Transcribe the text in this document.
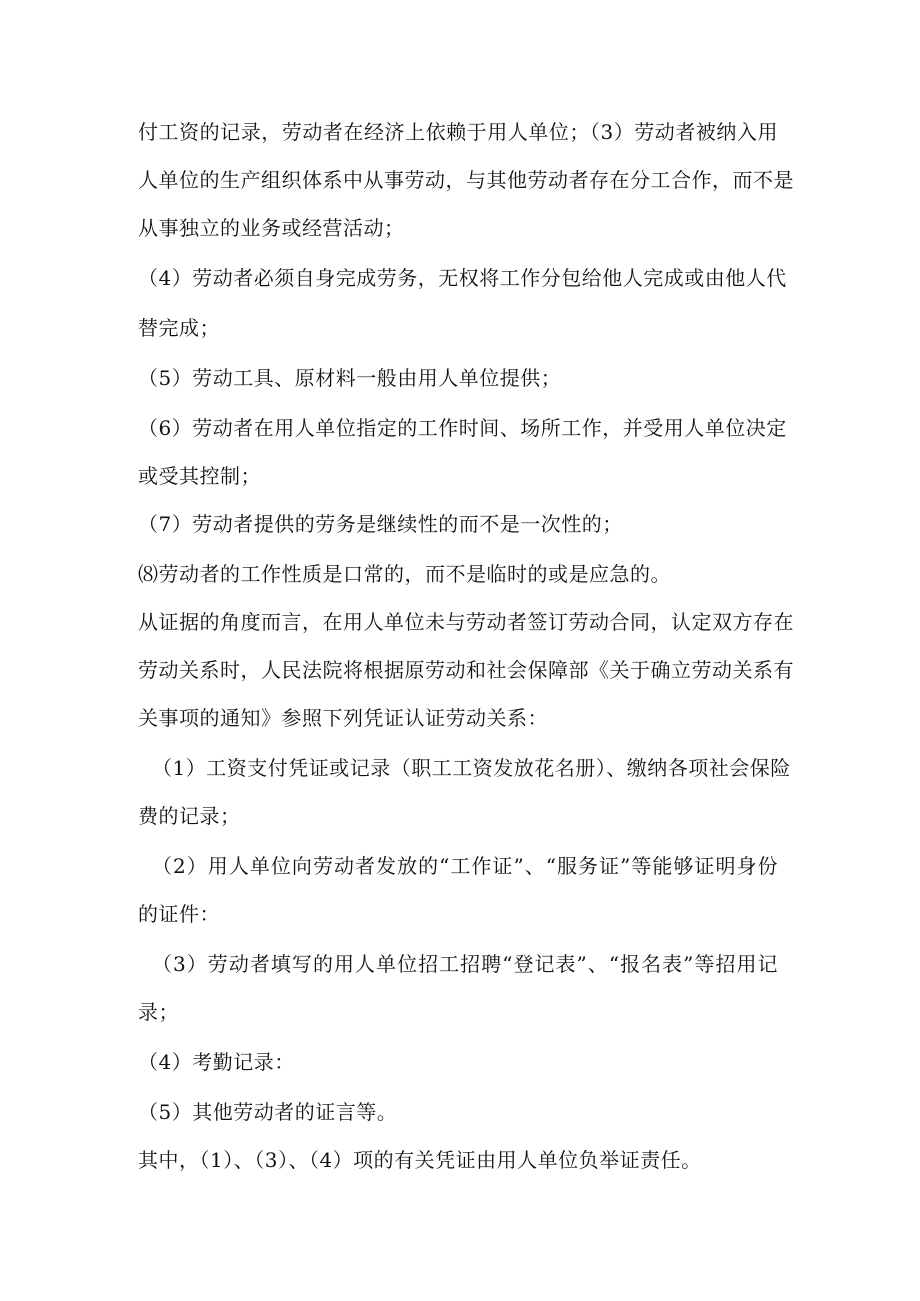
付工资的记录，劳动者在经济上依赖于用人单位；（3）劳动者被纳入用
人单位的生产组织体系中从事劳动，与其他劳动者存在分工合作，而不是
从事独立的业务或经营活动；
（4）劳动者必须自身完成劳务，无权将工作分包给他人完成或由他人代
替完成；
（5）劳动工具、原材料一般由用人单位提供；
（6）劳动者在用人单位指定的工作时间、场所工作，并受用人单位决定
或受其控制；
（7）劳动者提供的劳务是继续性的而不是一次性的；
⑻劳动者的工作性质是口常的，而不是临时的或是应急的。
从证据的角度而言，在用人单位未与劳动者签订劳动合同，认定双方存在
劳动关系时，人民法院将根据原劳动和社会保障部《关于确立劳动关系有
关事项的通知》参照下列凭证认证劳动关系：
（1）工资支付凭证或记录（职工工资发放花名册）、缴纳各项社会保险
费的记录；
（2）用人单位向劳动者发放的“工作证”、“服务证”等能够证明身份
的证件：
（3）劳动者填写的用人单位招工招聘“登记表”、“报名表”等招用记
录；
（4）考勤记录：
（5）其他劳动者的证言等。
其中，（1）、（3）、（4）项的有关凭证由用人单位负举证责任。
